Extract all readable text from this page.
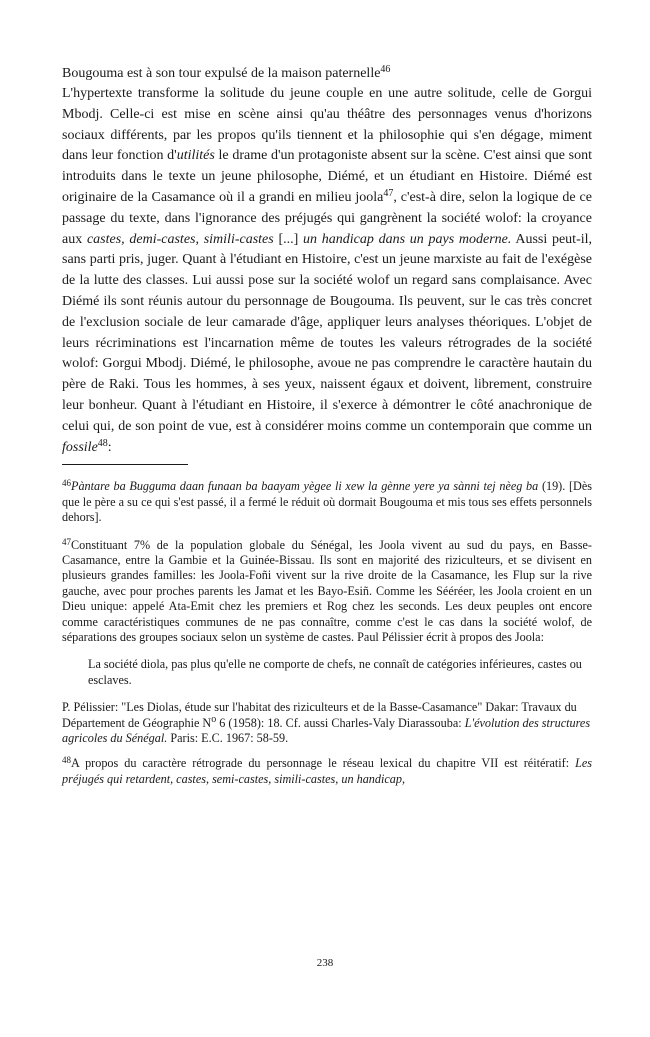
Bougouma est à son tour expulsé de la maison paternelle$^{46}$

L'hypertexte transforme la solitude du jeune couple en une autre solitude, celle de Gorgui Mbodj. Celle-ci est mise en scène ainsi qu'au théâtre des personnages venus d'horizons sociaux différents, par les propos qu'ils tiennent et la philosophie qui s'en dégage, miment dans leur fonction d'utilités le drame d'un protagoniste absent sur la scène. C'est ainsi que sont introduits dans le texte un jeune philosophe, Diémé, et un étudiant en Histoire. Diémé est originaire de la Casamance où il a grandi en milieu joola$^{47}$, c'est-à dire, selon la logique de ce passage du texte, dans l'ignorance des préjugés qui gangrènent la société wolof: la croyance aux castes, demi-castes, simili-castes [...] un handicap dans un pays moderne. Aussi peut-il, sans parti pris, juger. Quant à l'étudiant en Histoire, c'est un jeune marxiste au fait de l'exégèse de la lutte des classes. Lui aussi pose sur la société wolof un regard sans complaisance. Avec Diémé ils sont réunis autour du personnage de Bougouma. Ils peuvent, sur le cas très concret de l'exclusion sociale de leur camarade d'âge, appliquer leurs analyses théoriques. L'objet de leurs récriminations est l'incarnation même de toutes les valeurs rétrogrades de la société wolof: Gorgui Mbodj. Diémé, le philosophe, avoue ne pas comprendre le caractère hautain du père de Raki. Tous les hommes, à ses yeux, naissent égaux et doivent, librement, construire leur bonheur. Quant à l'étudiant en Histoire, il s'exerce à démontrer le côté anachronique de celui qui, de son point de vue, est à considérer moins comme un contemporain que comme un fossile$^{48}$:

$^{46}$Pàntare ba Bugguma daan funaan ba baayam yègee li xew la gènne yere ya sànni tej nèeg ba (19). [Dès que le père a su ce qui s'est passé, il a fermé le réduit où dormait Bougouma et mis tous ses effets personnels dehors].

$^{47}$Constituant 7% de la population globale du Sénégal, les Joola vivent au sud du pays, en Basse-Casamance, entre la Gambie et la Guinée-Bissau. Ils sont en majorité des riziculteurs, et se divisent en plusieurs grandes familles: les Joola-Foñi vivent sur la rive droite de la Casamance, les Flup sur la rive gauche, avec pour proches parents les Jamat et les Bayo-Esiñ. Comme les Sééréer, les Joola croient en un Dieu unique: appelé Ata-Emit chez les premiers et Rog chez les seconds. Les deux peuples ont encore comme caractéristiques communes de ne pas connaître, comme c'est le cas dans la société wolof, de séparations des groupes sociaux selon un système de castes. Paul Pélissier écrit à propos des Joola:

La société diola, pas plus qu'elle ne comporte de chefs, ne connaît de catégories inférieures, castes ou esclaves.

P. Pélissier: "Les Diolas, étude sur l'habitat des riziculteurs et de la Basse-Casamance" Dakar: Travaux du Département de Géographie $N^o$ 6 (1958): 18. Cf. aussi Charles-Valy Diarassouba: L'évolution des structures agricoles du Sénégal. Paris: E.C. 1967: 58-59.

$^{48}$A propos du caractère rétrograde du personnage le réseau lexical du chapitre VII est réitératif: Les préjugés qui retardent, castes, semi-castes, simili-castes, un handicap,

238
